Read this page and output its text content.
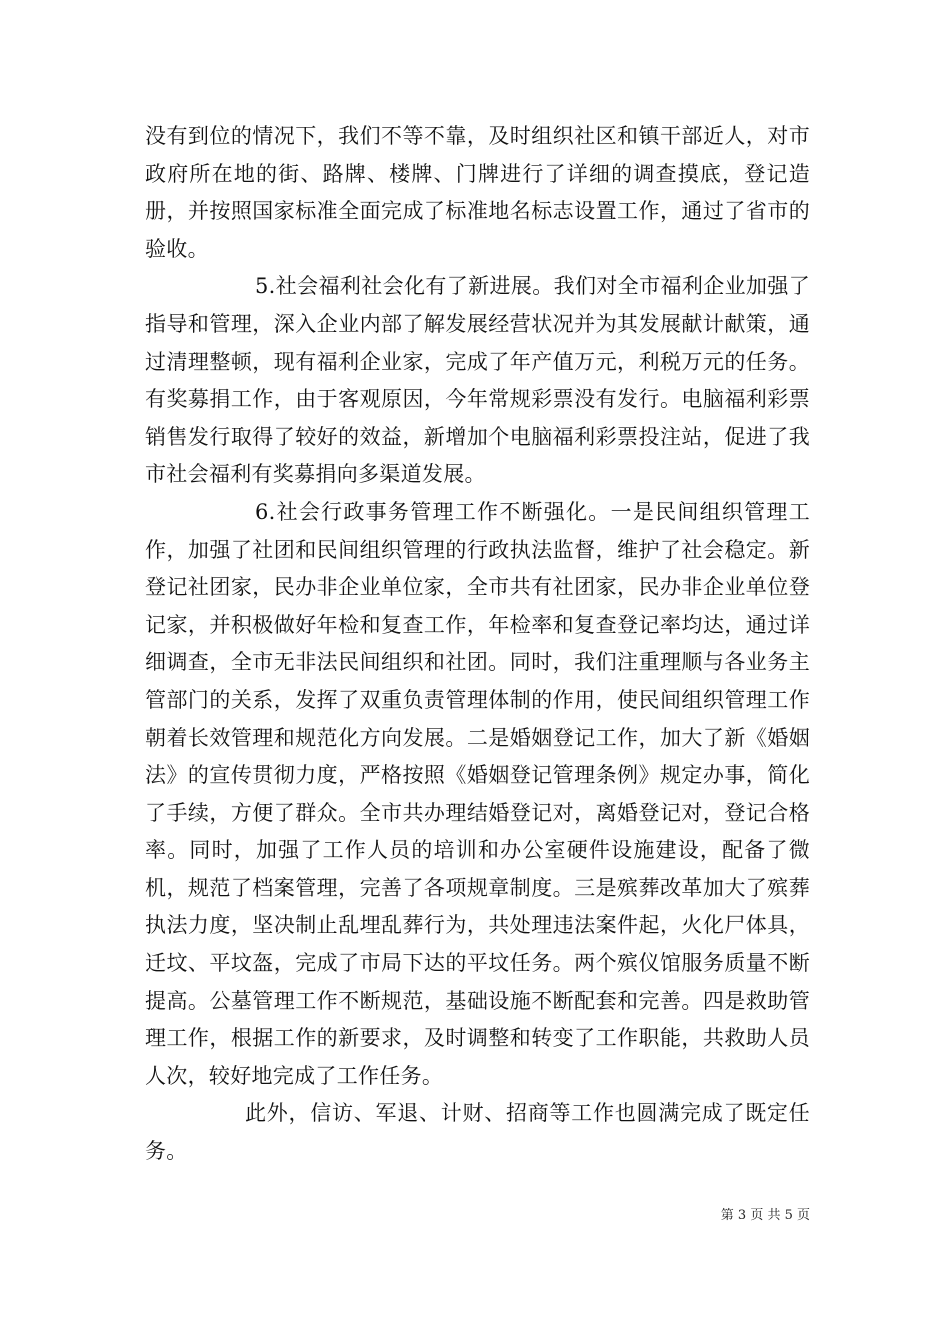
没有到位的情况下，我们不等不靠，及时组织社区和镇干部近人，对市政府所在地的街、路牌、楼牌、门牌进行了详细的调查摸底，登记造册，并按照国家标准全面完成了标准地名标志设置工作，通过了省市的验收。

5.社会福利社会化有了新进展。我们对全市福利企业加强了指导和管理，深入企业内部了解发展经营状况并为其发展献计献策，通过清理整顿，现有福利企业家，完成了年产值万元，利税万元的任务。有奖募捐工作，由于客观原因，今年常规彩票没有发行。电脑福利彩票销售发行取得了较好的效益，新增加个电脑福利彩票投注站，促进了我市社会福利有奖募捐向多渠道发展。

6.社会行政事务管理工作不断强化。一是民间组织管理工作，加强了社团和民间组织管理的行政执法监督，维护了社会稳定。新登记社团家，民办非企业单位家，全市共有社团家，民办非企业单位登记家，并积极做好年检和复查工作，年检率和复查登记率均达，通过详细调查，全市无非法民间组织和社团。同时，我们注重理顺与各业务主管部门的关系，发挥了双重负责管理体制的作用，使民间组织管理工作朝着长效管理和规范化方向发展。二是婚姻登记工作，加大了新《婚姻法》的宣传贯彻力度，严格按照《婚姻登记管理条例》规定办事，简化了手续，方便了群众。全市共办理结婚登记对，离婚登记对，登记合格率。同时，加强了工作人员的培训和办公室硬件设施建设，配备了微机，规范了档案管理，完善了各项规章制度。三是殡葬改革加大了殡葬执法力度，坚决制止乱埋乱葬行为，共处理违法案件起，火化尸体具，迁坟、平坟盔，完成了市局下达的平坟任务。两个殡仪馆服务质量不断提高。公墓管理工作不断规范，基础设施不断配套和完善。四是救助管理工作，根据工作的新要求，及时调整和转变了工作职能，共救助人员人次，较好地完成了工作任务。

此外，信访、军退、计财、招商等工作也圆满完成了既定任务。

第 3 页 共 5 页
